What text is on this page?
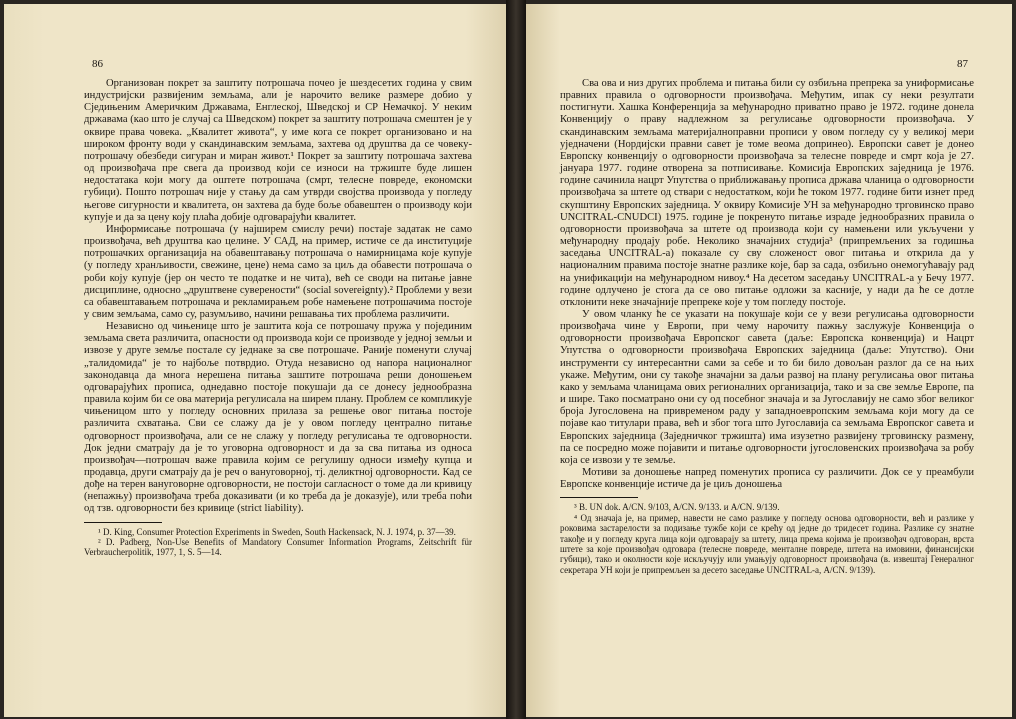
86

Организован покрет за заштиту потрошача почео је шездесетих година у свим индустријски развијеним земљама, али је нарочито велике размере добио у Сједињеним Америчким Државама, Енглеској, Шведској и СР Немачкој. У неким државама (као што је случај са Шведском) покрет за заштиту потрошача смештен је у оквире права човека. „Квалитет живота“, у име кога се покрет организовано и на широком фронту води у скандинавским земљама, захтева од друштва да се човеку-потрошачу обезбеди сигуран и миран живот.¹ Покрет за заштиту потрошача захтева од произвођача пре свега да производ који се износи на тржиште буде лишен недостатака који могу да оштете потрошача (смрт, телесне повреде, економски губици). Пошто потрошач није у стању да сам утврди својства производа у погледу његове сигурности и квалитета, он захтева да буде боље обавештен о производу који купује и да за цену коју плаћа добије одговарајући квалитет.

Информисање потрошача (у најширем смислу речи) постаје задатак не само произвођача, већ друштва као целине. У САД, на пример, истиче се да институције потрошачких организација на обавештавању потрошача о намирницама које купује (у погледу хранљивости, свежине, цене) нема само за циљ да обавести потрошача о роби коју купује (јер он често те податке и не чита), већ се своди на питање јавне дисциплине, односно „друштвене суверености“ (social sovereignty).² Проблеми у вези са обавештавањем потрошача и рекламирањем робе намењене потрошачима постоје у свим земљама, само су, разумљиво, начини решавања тих проблема различити.

Независно од чињенице што је заштита која се потрошачу пружа у појединим земљама света различита, опасности од производа који се производе у једној земљи и извозе у друге земље постале су једнаке за све потрошаче. Раније поменути случај „талидомида“ је то најбоље потврдио. Отуда независно од напора националног законодавца да многа нерешена питања заштите потрошача реши доношењем одговарајућих прописа, однедавно постоје покушаји да се донесу једнообразна правила којим би се ова материја регулисала на ширем плану. Проблем се компликује чињеницом што у погледу основних прилаза за решење овог питања постоје различита схватања. Сви се слажу да је у овом погледу централно питање одговорност произвођача, али се не слажу у погледу регулисања те одговорности. Док једни сматрају да је то уговорна одговорност и да за сва питања из односа произвођач—потрошач важе правила којим се регулишу односи између купца и продавца, други сматрају да је реч о вануговорној, тј. деликтној одговорности. Кад се дође на терен вануговорне одговорности, не постоји сагласност о томе да ли кривицу (непажњу) произвођача треба доказивати (и ко треба да је доказује), или треба поћи од тзв. одговорности без кривице (strict liability).

¹ D. King, Consumer Protection Experiments in Sweden, South Hackensack, N. J. 1974, p. 37—39.

² D. Padberg, Non-Use Benefits of Mandatory Consumer Information Programs, Zeitschrift für Verbraucherpolitik, 1977, 1, S. 5—14.

87

Сва ова и низ других проблема и питања били су озбиљна препрека за униформисање правних правила о одговорности произвођача. Међутим, ипак су неки резултати постигнути. Хашка Конференција за међународно приватно право је 1972. године донела Конвенцију о праву надлежном за регулисање одговорности произвођача. У скандинавским земљама материјалноправни прописи у овом погледу су у великој мери уједначени (Нордијски правни савет је томе веома допринео). Европски савет је донео Европску конвенцију о одговорности произвођача за телесне повреде и смрт која је 27. јануара 1977. године отворена за потписивање. Комисија Европских заједница је 1976. године сачинила нацрт Упутства о приближавању прописа држава чланица о одговорности произвођача за штете од ствари с недостатком, који ће током 1977. године бити изнет пред скупштину Европских заједница. У оквиру Комисије УН за међународно трговинско право UNCITRAL-CNUDCI) 1975. године је покренуто питање израде једнообразних правила о одговорности произвођача за штете од производа који су намењени или укључени у међународну продају робе. Неколико значајних студија³ (припремљених за годишња заседања UNCITRAL-а) показале су сву сложеност овог питања и открила да у националним правима постоје знатне разлике које, бар за сада, озбиљно онемогућавају рад на унификацији на међународном нивоу.⁴ На десетом заседању UNCITRAL-а у Бечу 1977. године одлучено је стога да се ово питање одложи за касније, у нади да ће се дотле отклонити неке значајније препреке које у том погледу постоје.

У овом чланку ће се указати на покушаје који се у вези регулисања одговорности произвођача чине у Европи, при чему нарочиту пажњу заслужује Конвенција о одговорности произвођача Европског савета (даље: Европска конвенција) и Нацрт Упутства о одговорности произвођача Европских заједница (даље: Упутство). Они инструменти су интересантни сами за себе и то би било довољан разлог да се на њих укаже. Међутим, они су такође значајни за даљи развој на плану регулисања овог питања како у земљама чланицама ових регионалних организација, тако и за све земље Европе, па и шире. Тако посматрано они су од посебног значаја и за Југославију не само због великог броја Југословена на привременом раду у западноевропским земљама који могу да се појаве као титулари права, већ и због тога што Југославија са земљама Европског савета и Европских заједница (Заједничког тржишта) има изузетно развијену трговинску размену, па се посредно може појавити и питање одговорности југословенских произвођача за робу која се извози у те земље.

Мотиви за доношење напред поменутих прописа су различити. Док се у преамбули Европске конвенције истиче да је циљ доношења

³ В. UN dok. A/CN. 9/103, A/CN. 9/133. и A/CN. 9/139.

⁴ Од значаја је, на пример, навести не само разлике у погледу основа одговорности, већ и разлике у роковима застарелости за подизање тужбе који се крећу од једне до тридесет година. Разлике су знатне такође и у погледу круга лица који одговарају за штету, лица према којима је произвођач одговоран, врста штете за које произвођач одговара (телесне повреде, менталне повреде, штета на имовини, финансијски губици), тако и околности које искључују или умањују одговорност произвођача (в. извештај Генералног секретара УН који је припремљен за десето заседање UNCITRAL-а, A/CN. 9/139).
